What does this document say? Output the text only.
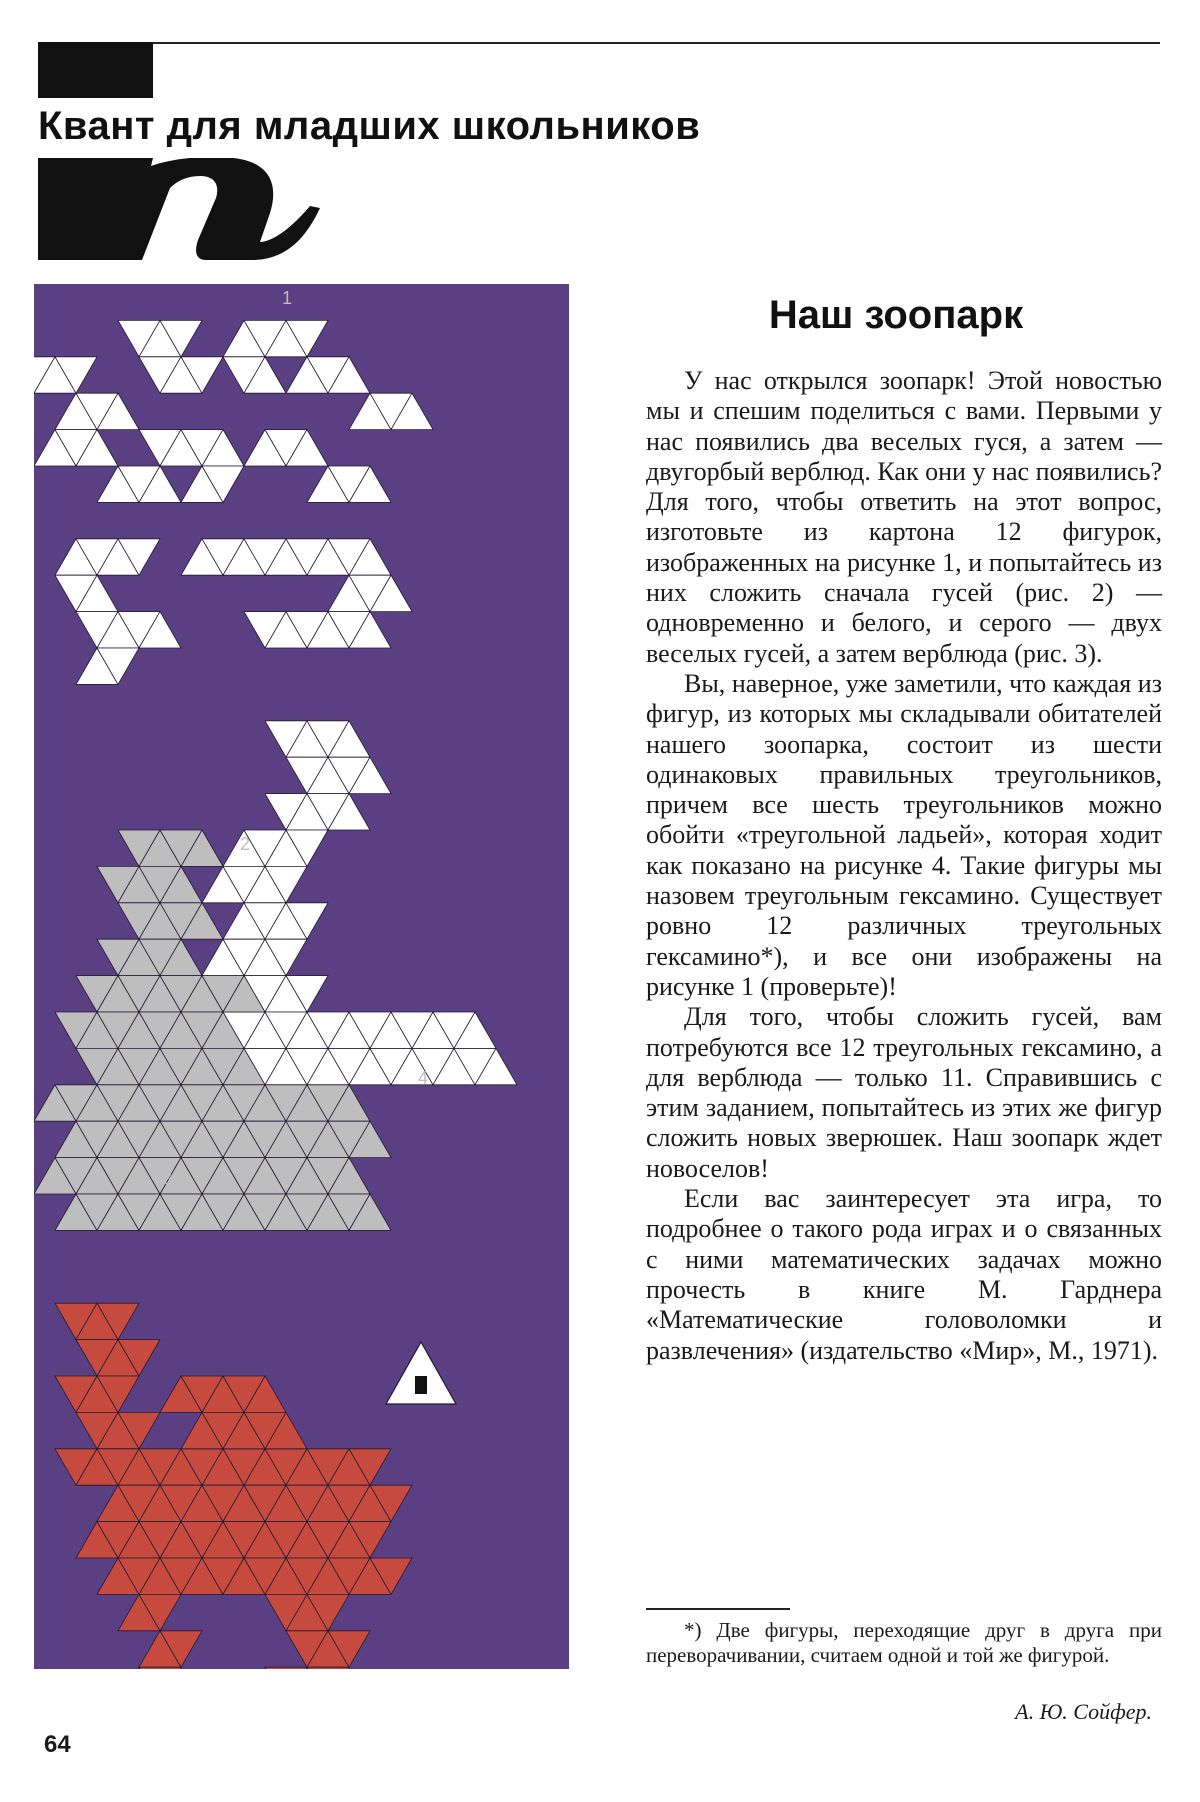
Квант для младших школьников
1
2
3
4
Наш зоопарк

У нас открылся зоопарк! Этой новостью мы и спешим поделиться с вами. Первыми у нас появились два веселых гуся, а затем — двугорбый верблюд. Как они у нас появились? Для того, чтобы ответить на этот вопрос, изготовьте из картона 12 фигурок, изображенных на рисунке 1, и попытайтесь из них сложить сначала гусей (рис. 2) — одновременно и белого, и серого — двух веселых гусей, а затем верблюда (рис. 3).

Вы, наверное, уже заметили, что каждая из фигур, из которых мы складывали обитателей нашего зоопарка, состоит из шести одинаковых правильных треугольников, причем все шесть треугольников можно обойти «треугольной ладьей», которая ходит как показано на рисунке 4. Такие фигуры мы назовем треугольным гексамино. Существует ровно 12 различных треугольных гексамино*), и все они изображены на рисунке 1 (проверьте)!

Для того, чтобы сложить гусей, вам потребуются все 12 треугольных гексамино, а для верблюда — только 11. Справившись с этим заданием, попытайтесь из этих же фигур сложить новых зверюшек. Наш зоопарк ждет новоселов!

Если вас заинтересует эта игра, то подробнее о такого рода играх и о связанных с ними математических задачах можно прочесть в книге М. Гарднера «Математические головоломки и развлечения» (издательство «Мир», М., 1971).

*) Две фигуры, переходящие друг в друга при переворачивании, считаем одной и той же фигурой.

А. Ю. Сойфер.

64
